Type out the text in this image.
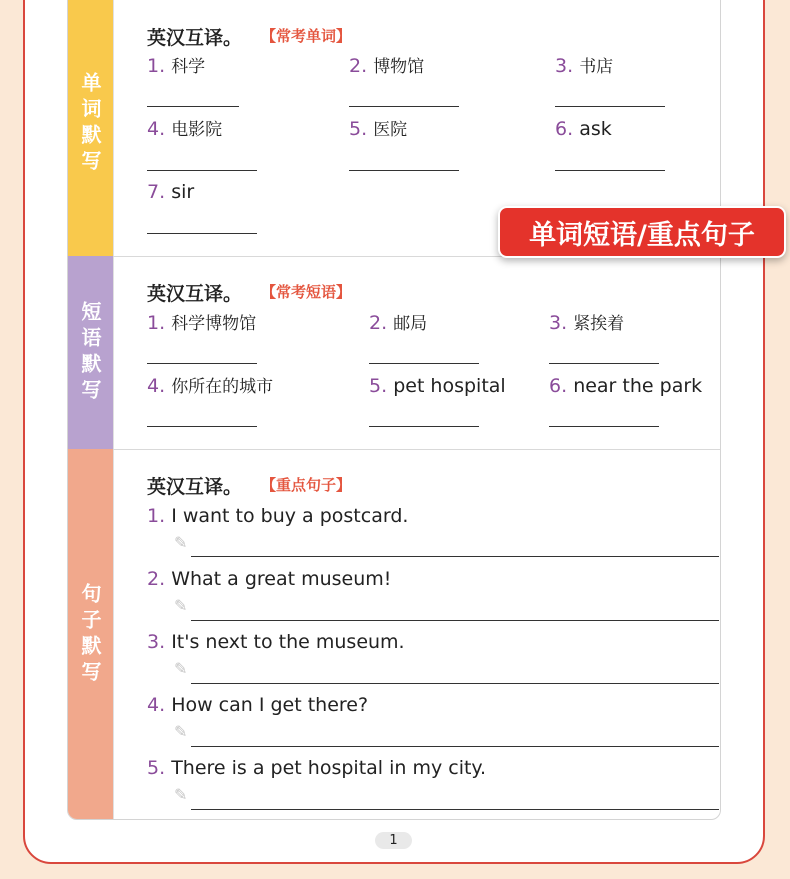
单词默写
短语默写
句子默写
英汉互译。 【常考单词】
1. 科学	2. 博物馆	3. 书店
4. 电影院	5. 医院	6. ask
7. sir
英汉互译。 【常考短语】
1. 科学博物馆	2. 邮局	3. 紧挨着
4. 你所在的城市	5. pet hospital 6. near the park
英汉互译。 【重点句子】
1. I want to buy a postcard.
✎
2. What a great museum!
✎
3. It's next to the museum.
✎
4. How can I get there?
✎
5. There is a pet hospital in my city.
✎
单词短语/重点句子
1
